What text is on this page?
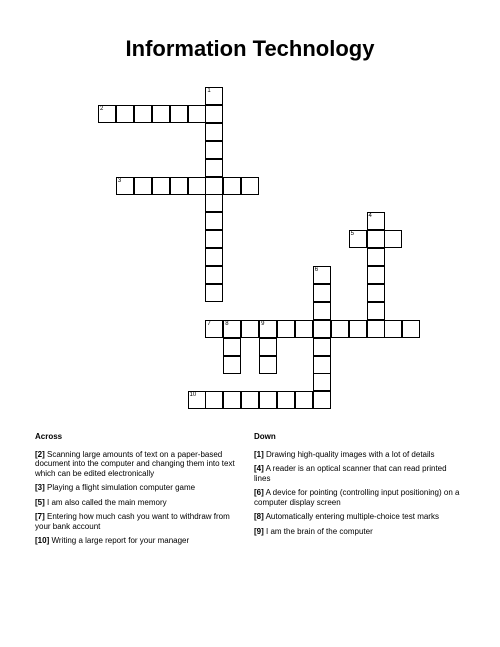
Information Technology
1
2
3
4
5
6
7 8	9
10
Across
[2] Scanning large amounts of text on a paper-based document into the computer and changing them into text which can be edited electronically
[3] Playing a flight simulation computer game
[5] I am also called the main memory
[7] Entering how much cash you want to withdraw from your bank account
[10] Writing a large report for your manager
Down
[1] Drawing high-quality images with a lot of details
[4] A reader is an optical scanner that can read printed lines
[6] A device for pointing (controlling input positioning) on a computer display screen
[8] Automatically entering multiple-choice test marks
[9] I am the brain of the computer
